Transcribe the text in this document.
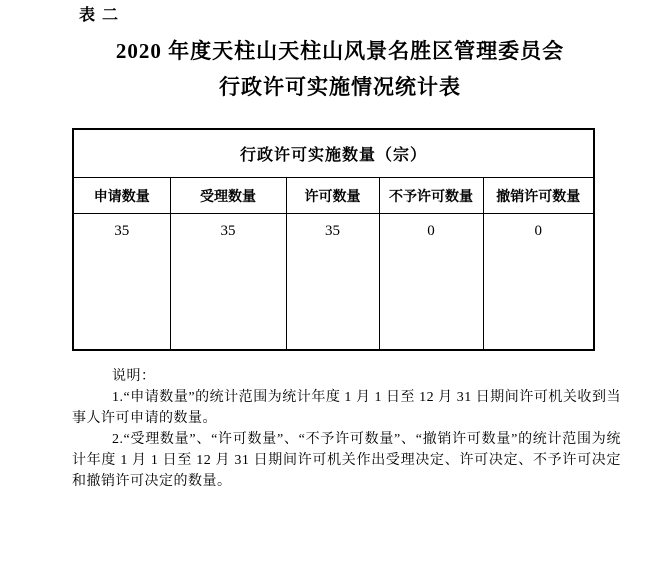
表二
2020 年度天柱山天柱山风景名胜区管理委员会
行政许可实施情况统计表
行政许可实施数量（宗）				
申请数量	受理数量	许可数量	不予许可数量	撤销许可数量
35	35	35	0	0

说明：

1.“申请数量”的统计范围为统计年度 1 月 1 日至 12 月 31 日期间许可机关收到当事人许可申请的数量。

2.“受理数量”、“许可数量”、“不予许可数量”、“撤销许可数量”的统计范围为统计年度 1 月 1 日至 12 月 31 日期间许可机关作出受理决定、许可决定、不予许可决定和撤销许可决定的数量。
